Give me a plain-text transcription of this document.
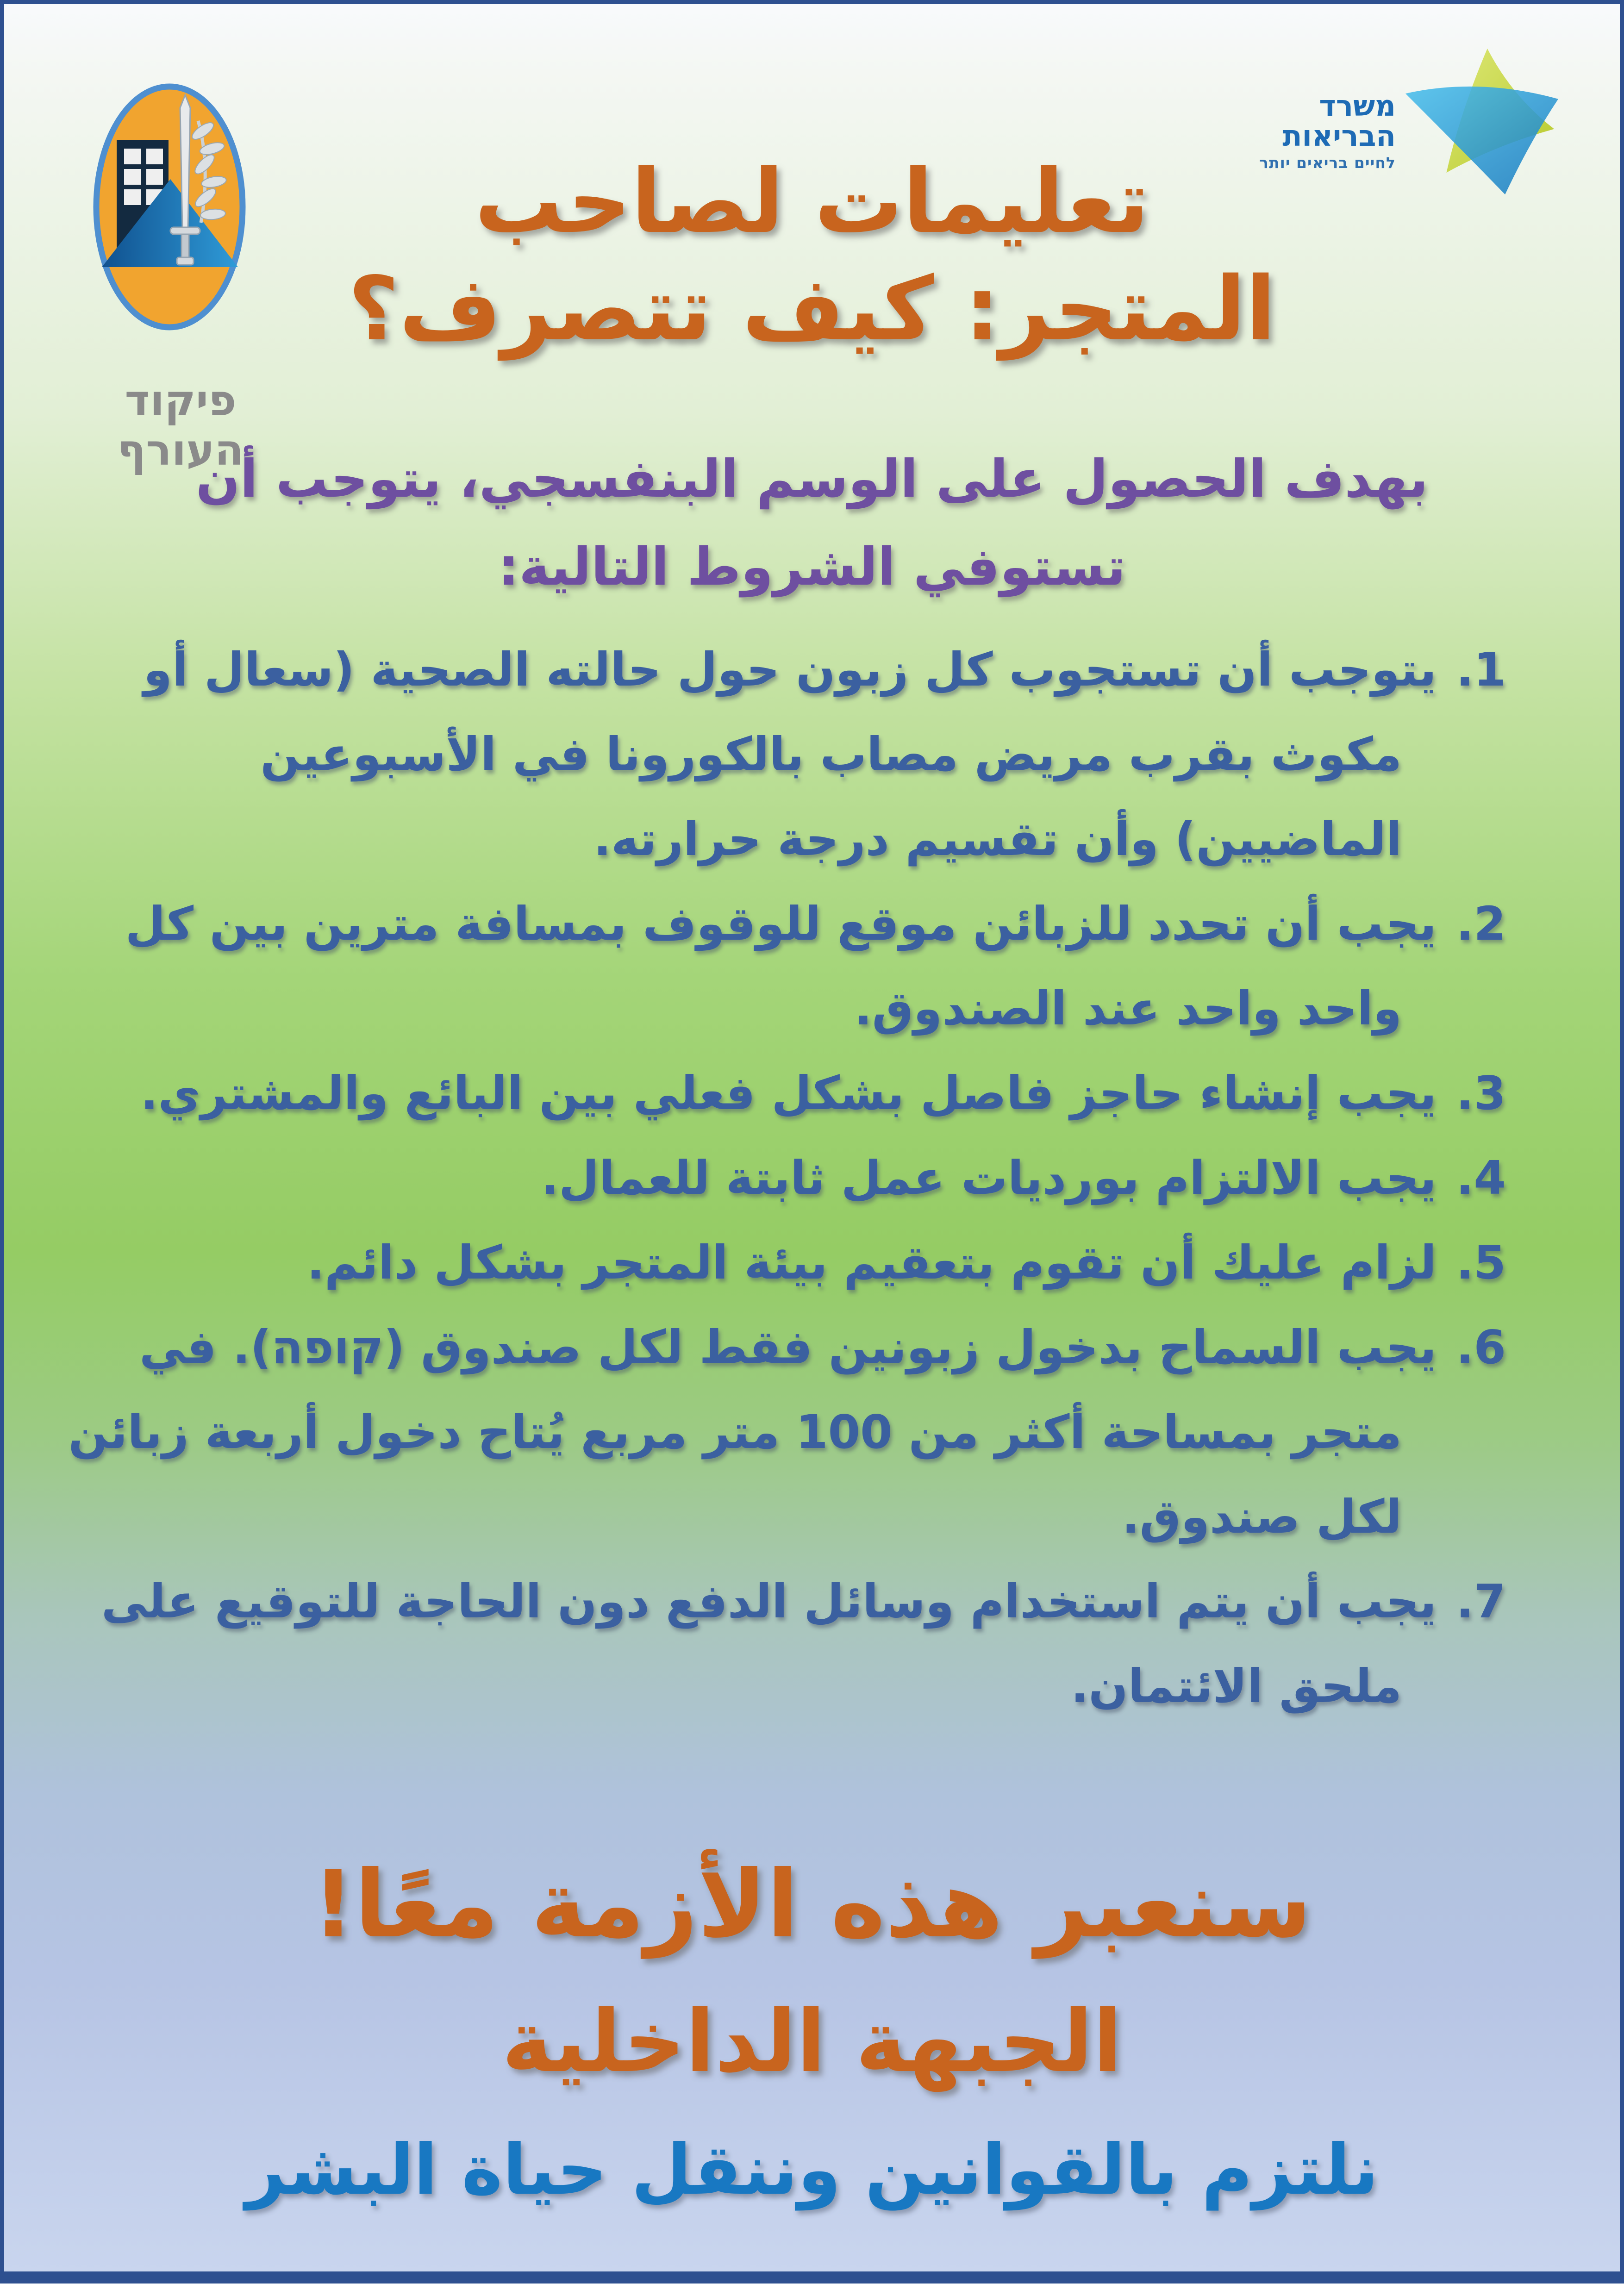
פיקוד העורף
משרד
הבריאות
לחיים בריאים יותר
تعليمات لصاحب
المتجر: كيف تتصرف؟
بهدف الحصول على الوسم البنفسجي، يتوجب أن
تستوفي الشروط التالية:
1.يتوجب أن تستجوب كل زبون حول حالته الصحية (سعال أو مكوث بقرب مريض مصاب بالكورونا في الأسبوعين الماضيين) وأن تقسيم درجة حرارته.
2.يجب أن تحدد للزبائن موقع للوقوف بمسافة مترين بين كل واحد واحد عند الصندوق.
3.يجب إنشاء حاجز فاصل بشكل فعلي بين البائع والمشتري.
4.يجب الالتزام بورديات عمل ثابتة للعمال.
5.لزام عليك أن تقوم بتعقيم بيئة المتجر بشكل دائم.
6.يجب السماح بدخول زبونين فقط لكل صندوق (קופה). في متجر بمساحة أكثر من 100 متر مربع يُتاح دخول أربعة زبائن لكل صندوق.
7.يجب أن يتم استخدام وسائل الدفع دون الحاجة للتوقيع على ملحق الائتمان.
سنعبر هذه الأزمة معًا!
الجبهة الداخلية
نلتزم بالقوانين وننقل حياة البشر
